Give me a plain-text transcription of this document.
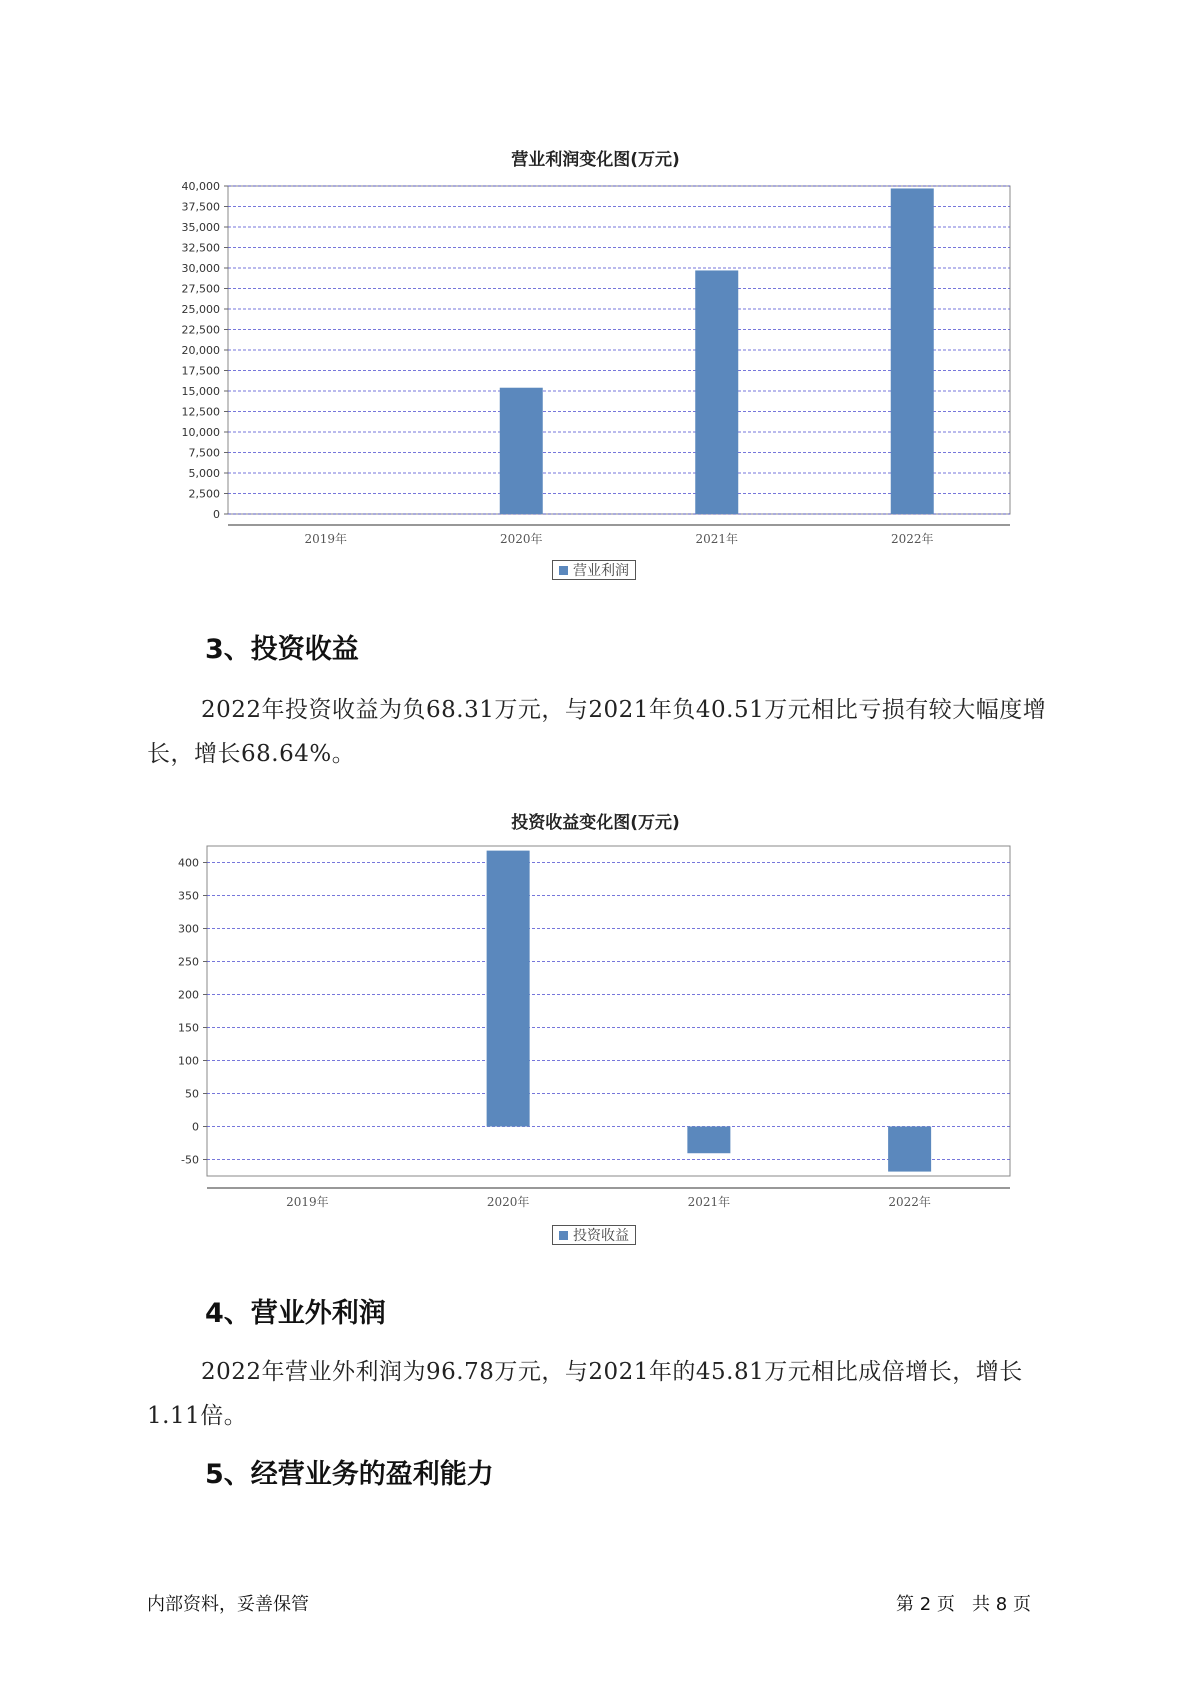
营业利润变化图(万元)
0
2,500
5,000
7,500
10,000
12,500
15,000
17,500
20,000
22,500
25,000
27,500
30,000
32,500
35,000
37,500
40,000
2019年	2020年	2021年	2022年
营业利润
3、投资收益

2022年投资收益为负68.31万元，与2021年负40.51万元相比亏损有较大幅度增长，增长68.64%。

投资收益变化图(万元)
-50
0
50
100
150
200
250
300
350
400
2019年	2020年	2021年	2022年
投资收益
4、营业外利润

2022年营业外利润为96.78万元，与2021年的45.81万元相比成倍增长，增长1.11倍。

5、经营业务的盈利能力
内部资料，妥善保管	第 2 页   共 8 页
